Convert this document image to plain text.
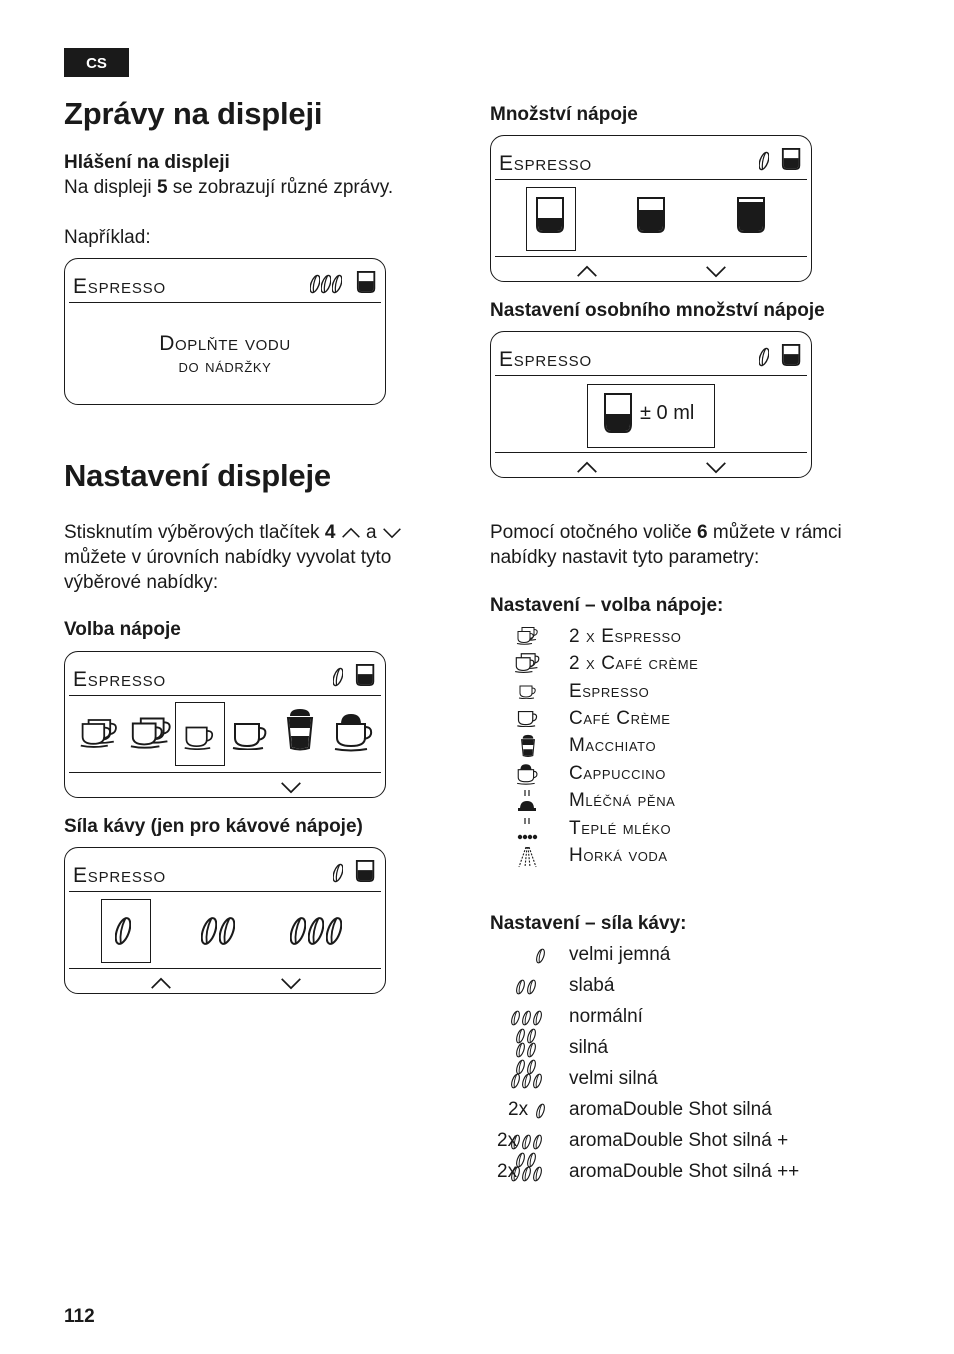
CS
Zprávy na displeji
Hlášení na displeji
Na displeji 5 se zobrazují různé zprávy.
Například:
Espresso
Doplňte vodu
do nádržky
Nastavení displeje
Stisknutím výběrových tlačítek 4  a
můžete v úrovních nabídky vyvolat tyto
výběrové nabídky:
Volba nápoje
Espresso
Síla kávy (jen pro kávové nápoje)
Espresso
Množství nápoje
Espresso
Nastavení osobního množství nápoje
Espresso
± 0 ml
Pomocí otočného voliče 6 můžete v rámci
nabídky nastavit tyto parametry:
Nastavení – volba nápoje:
2 x Espresso
2 x Café crème
Espresso
Café Crème
Macchiato
Cappuccino
Mléčná pěna
Teplé mléko
Horká voda
Nastavení – síla kávy:
velmi jemná
slabá
normální
silná
velmi silná
2x aromaDouble Shot silná
2x	aromaDouble Shot silná +
2x	aromaDouble Shot silná ++
112
